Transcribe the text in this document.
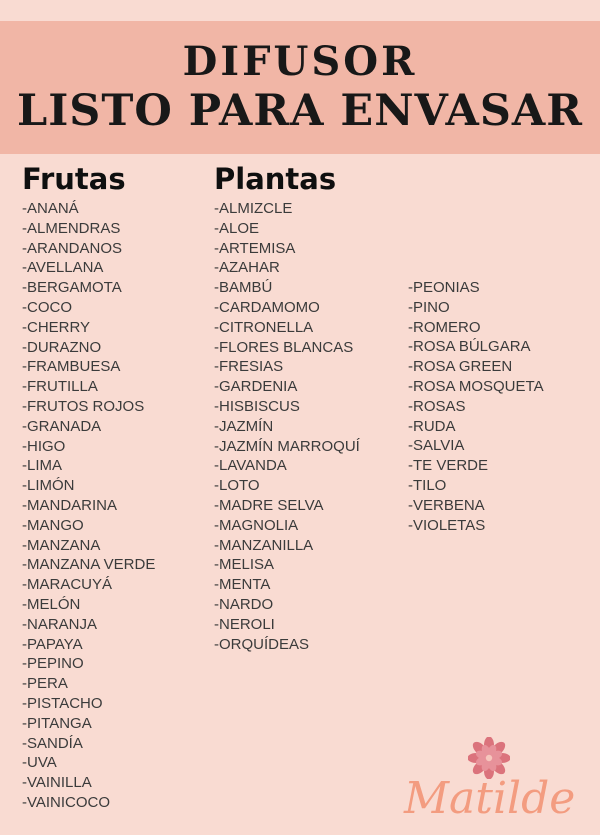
DIFUSOR
LISTO PARA ENVASAR
Frutas
-ANANÁ
-ALMENDRAS
-ARANDANOS
-AVELLANA
-BERGAMOTA
-COCO
-CHERRY
-DURAZNO
-FRAMBUESA
-FRUTILLA
-FRUTOS ROJOS
-GRANADA
-HIGO
-LIMA
-LIMÓN
-MANDARINA
-MANGO
-MANZANA
-MANZANA VERDE
-MARACUYÁ
-MELÓN
-NARANJA
-PAPAYA
-PEPINO
-PERA
-PISTACHO
-PITANGA
-SANDÍA
-UVA
-VAINILLA
-VAINICOCO
Plantas
-ALMIZCLE
-ALOE
-ARTEMISA
-AZAHAR
-BAMBÚ
-CARDAMOMO
-CITRONELLA
-FLORES BLANCAS
-FRESIAS
-GARDENIA
-HISBISCUS
-JAZMÍN
-JAZMÍN MARROQUÍ
-LAVANDA
-LOTO
-MADRE SELVA
-MAGNOLIA
-MANZANILLA
-MELISA
-MENTA
-NARDO
-NEROLI
-ORQUÍDEAS
-PEONIAS
-PINO
-ROMERO
-ROSA BÚLGARA
-ROSA GREEN
-ROSA MOSQUETA
-ROSAS
-RUDA
-SALVIA
-TE VERDE
-TILO
-VERBENA
-VIOLETAS
Matilde
